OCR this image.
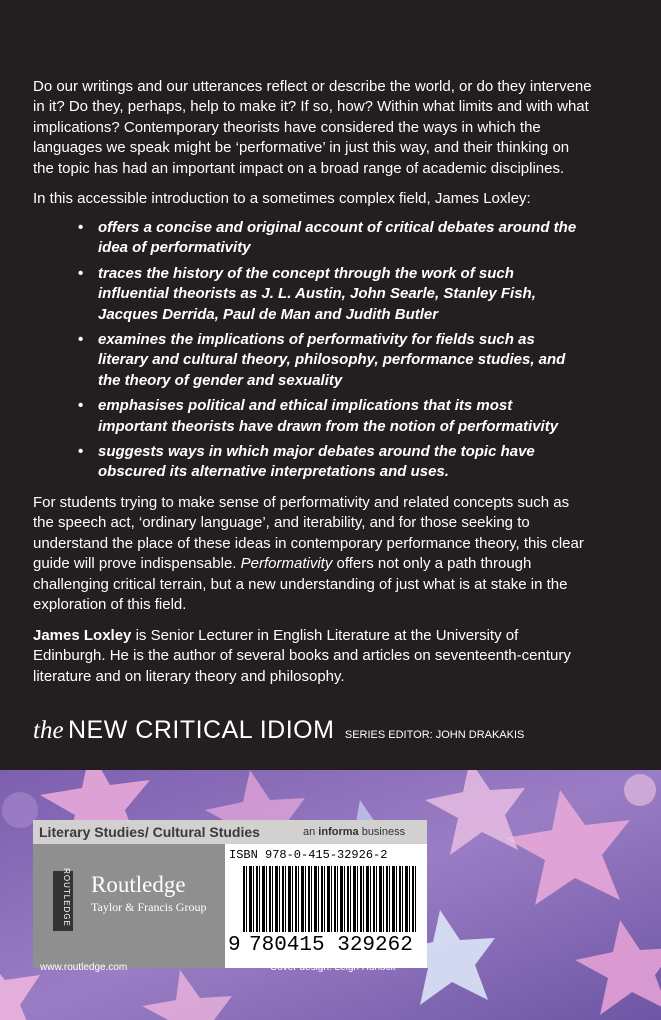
Do our writings and our utterances reflect or describe the world, or do they intervene in it? Do they, perhaps, help to make it? If so, how? Within what limits and with what implications? Contemporary theorists have considered the ways in which the languages we speak might be ‘performative’ in just this way, and their thinking on the topic has had an important impact on a broad range of academic disciplines.

In this accessible introduction to a sometimes complex field, James Loxley:

• offers a concise and original account of critical debates around the idea of performativity
• traces the history of the concept through the work of such influential theorists as J. L. Austin, John Searle, Stanley Fish, Jacques Derrida, Paul de Man and Judith Butler
• examines the implications of performativity for fields such as literary and cultural theory, philosophy, performance studies, and the theory of gender and sexuality
• emphasises political and ethical implications that its most important theorists have drawn from the notion of performativity
• suggests ways in which major debates around the topic have obscured its alternative interpretations and uses.

For students trying to make sense of performativity and related concepts such as the speech act, ‘ordinary language’, and iterability, and for those seeking to understand the place of these ideas in contemporary performance theory, this clear guide will prove indispensable. Performativity offers not only a path through challenging critical terrain, but a new understanding of just what is at stake in the exploration of this field.

James Loxley is Senior Lecturer in English Literature at the University of Edinburgh. He is the author of several books and articles on seventeenth-century literature and on literary theory and philosophy.

the NEW CRITICAL IDIOM SERIES EDITOR: JOHN DRAKAKIS
Literary Studies/ Cultural Studies	an informa business
ROUTLEDGE Routledge
Taylor & Francis Group
ISBN 978-0-415-32926-2
9 780415 329262
www.routledge.com	Cover design: Leigh Hurlock
